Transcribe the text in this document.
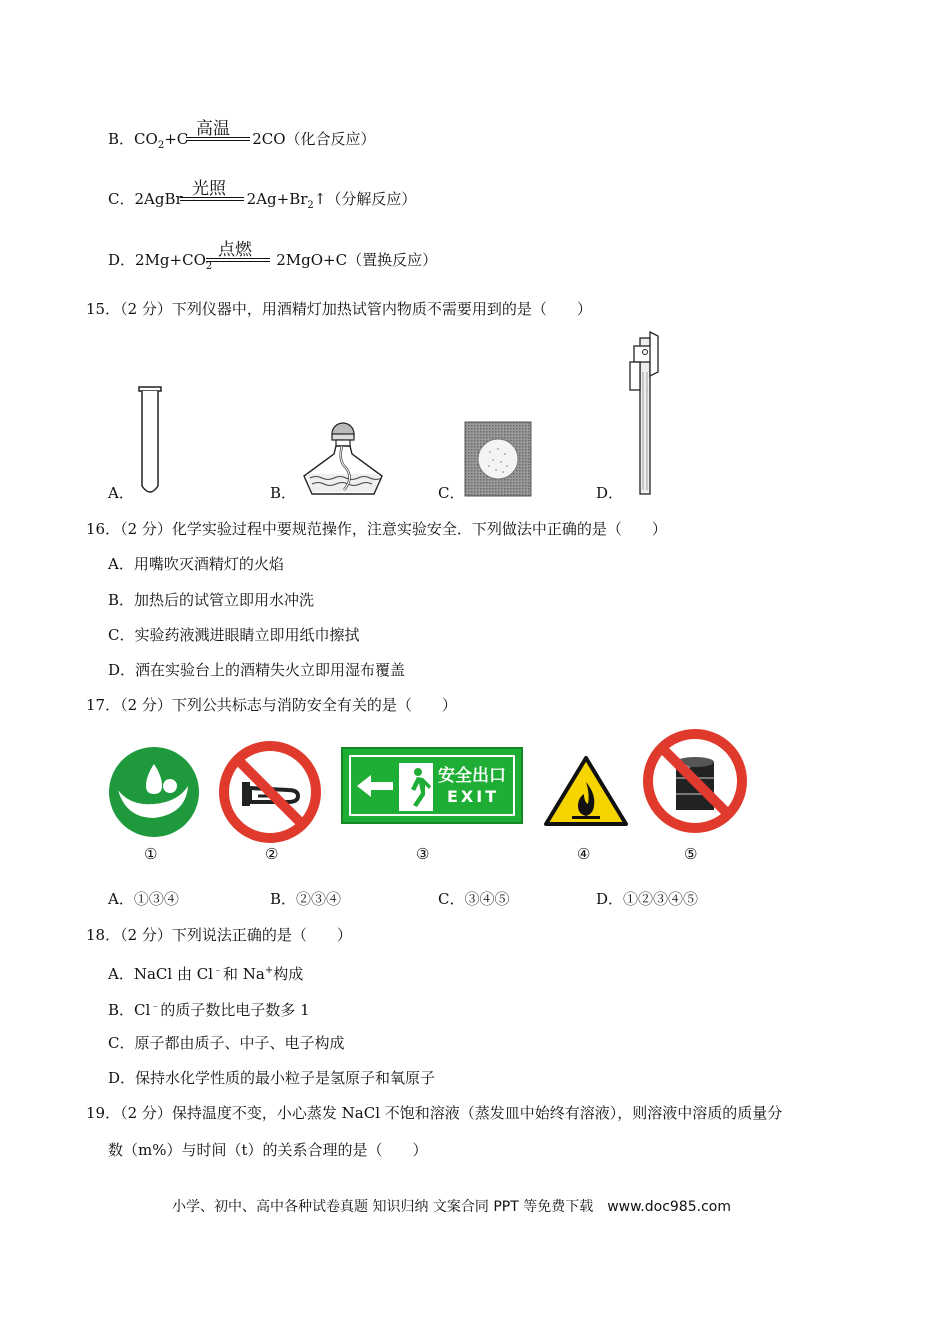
B．$CO_2+C$	2CO（化合反应）
高温
C．2AgBr	$2Ag+Br_2↑$（分解反应）
光照
D．$2Mg+CO_2$	2MgO+C（置换反应）
点燃
15．（2 分）下列仪器中，用酒精灯加热试管内物质不需要用到的是（　　）
A．	B．	C．	D．
16．（2 分）化学实验过程中要规范操作，注意实验安全．下列做法中正确的是（　　）
A．用嘴吹灭酒精灯的火焰
B．加热后的试管立即用水冲洗
C．实验药液溅进眼睛立即用纸巾擦拭
D．洒在实验台上的酒精失火立即用湿布覆盖
17．（2 分）下列公共标志与消防安全有关的是（　　）
安全出口
EXIT
①	②	③	④	⑤
A．①③④	B．②③④	C．③④⑤	D．①②③④⑤
18．（2 分）下列说法正确的是（　　）
A．NaCl 由 Cl﹣和 Na+构成
B．Cl﹣的质子数比电子数多 1
C．原子都由质子、中子、电子构成
D．保持水化学性质的最小粒子是氢原子和氧原子
19．（2 分）保持温度不变，小心蒸发 NaCl 不饱和溶液（蒸发皿中始终有溶液），则溶液中溶质的质量分
数（m%）与时间（t）的关系合理的是（　　）
小学、初中、高中各种试卷真题 知识归纳 文案合同 PPT 等免费下载　www.doc985.com
